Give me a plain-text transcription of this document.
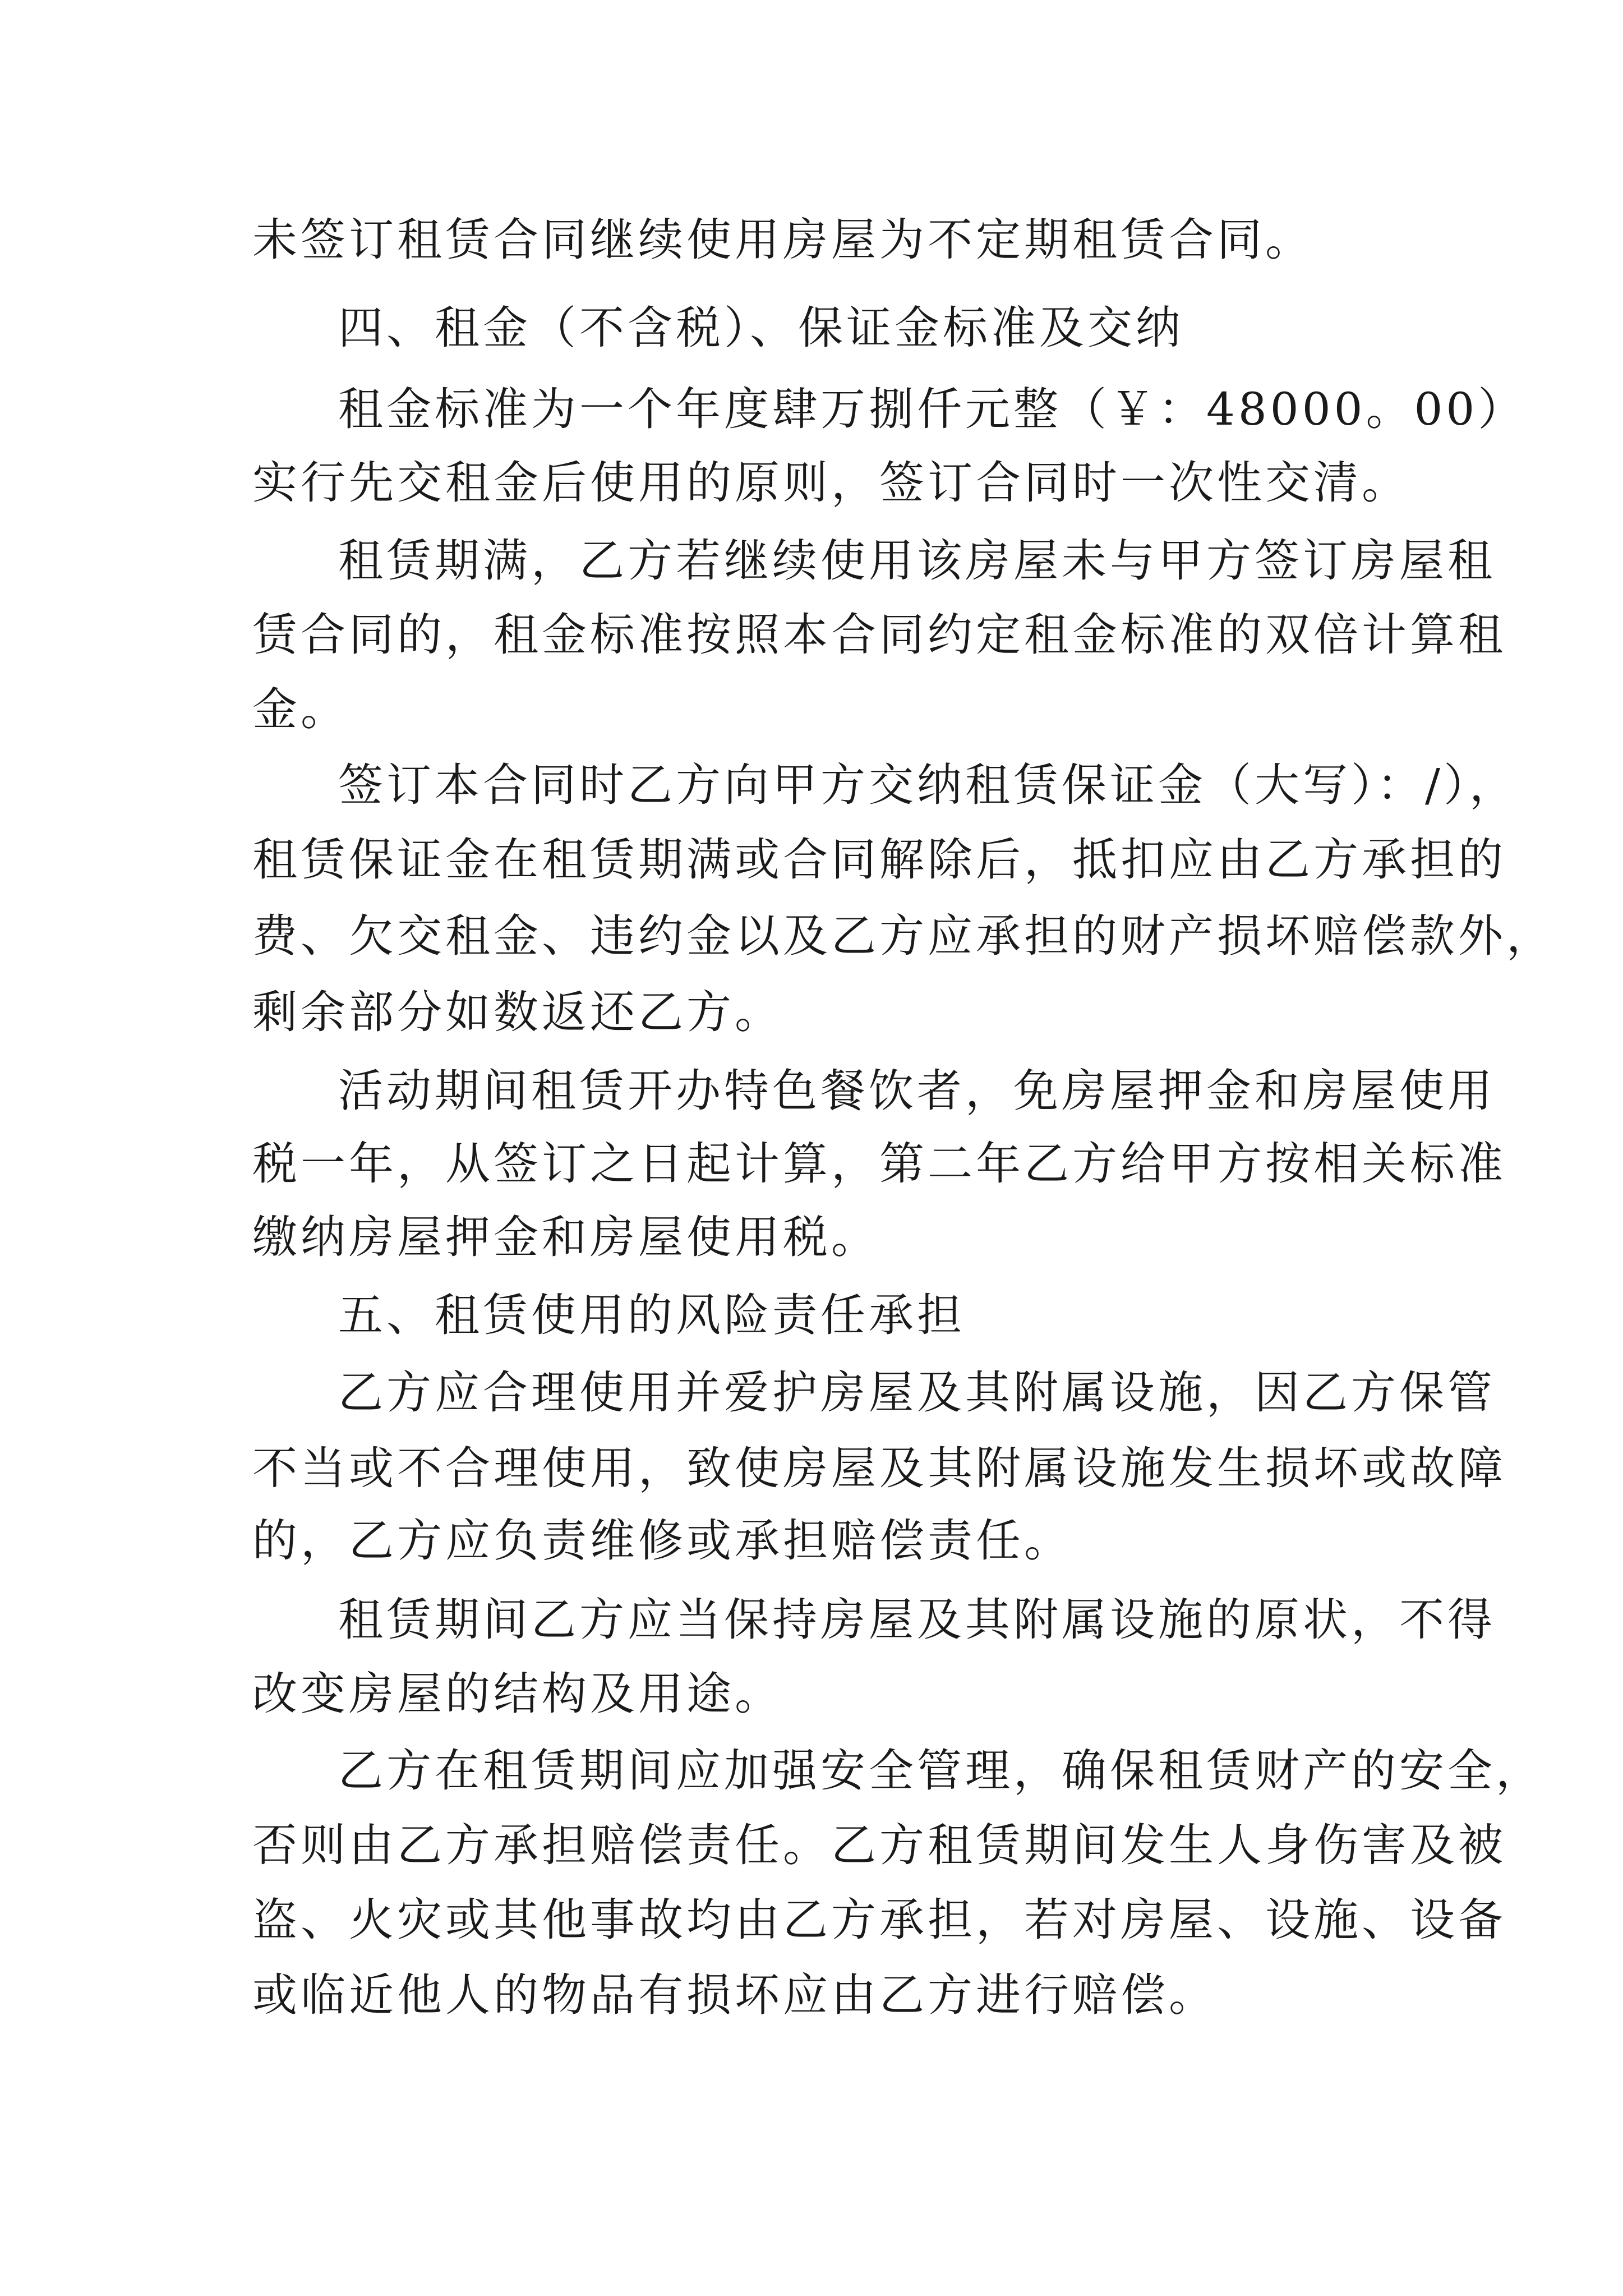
未签订租赁合同继续使用房屋为不定期租赁合同。
四、租金（不含税）、保证金标准及交纳
租金标准为一个年度肆万捌仟元整（￥：48000。00）
实行先交租金后使用的原则，签订合同时一次性交清。
租赁期满，乙方若继续使用该房屋未与甲方签订房屋租
赁合同的，租金标准按照本合同约定租金标准的双倍计算租
金。
签订本合同时乙方向甲方交纳租赁保证金（大写）：/），
租赁保证金在租赁期满或合同解除后，抵扣应由乙方承担的
费、欠交租金、违约金以及乙方应承担的财产损坏赔偿款外，
剩余部分如数返还乙方。
活动期间租赁开办特色餐饮者，免房屋押金和房屋使用
税一年，从签订之日起计算，第二年乙方给甲方按相关标准
缴纳房屋押金和房屋使用税。
五、租赁使用的风险责任承担
乙方应合理使用并爱护房屋及其附属设施，因乙方保管
不当或不合理使用，致使房屋及其附属设施发生损坏或故障
的，乙方应负责维修或承担赔偿责任。
租赁期间乙方应当保持房屋及其附属设施的原状，不得
改变房屋的结构及用途。
乙方在租赁期间应加强安全管理，确保租赁财产的安全，
否则由乙方承担赔偿责任。乙方租赁期间发生人身伤害及被
盗、火灾或其他事故均由乙方承担，若对房屋、设施、设备
或临近他人的物品有损坏应由乙方进行赔偿。
